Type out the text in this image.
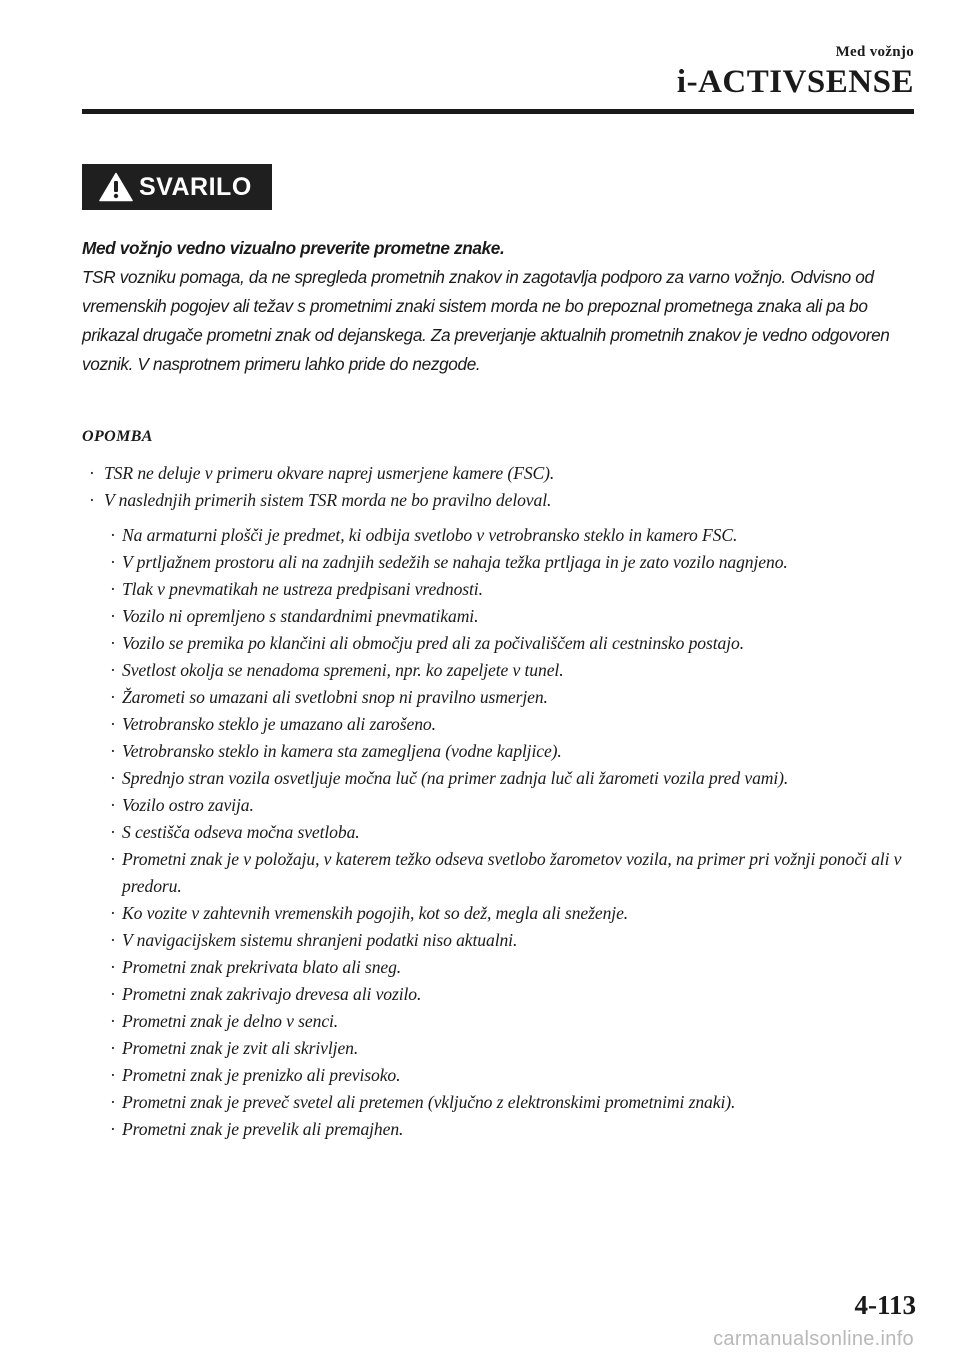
Med vožnjo
i-ACTIVSENSE
SVARILO
Med vožnjo vedno vizualno preverite prometne znake.
TSR vozniku pomaga, da ne spregleda prometnih znakov in zagotavlja podporo za varno vožnjo. Odvisno od vremenskih pogojev ali težav s prometnimi znaki sistem morda ne bo prepoznal prometnega znaka ali pa bo prikazal drugače prometni znak od dejanskega. Za preverjanje aktualnih prometnih znakov je vedno odgovoren voznik. V nasprotnem primeru lahko pride do nezgode.
OPOMBA
· TSR ne deluje v primeru okvare naprej usmerjene kamere (FSC).
· V naslednjih primerih sistem TSR morda ne bo pravilno deloval.
· Na armaturni plošči je predmet, ki odbija svetlobo v vetrobransko steklo in kamero FSC.
· V prtljažnem prostoru ali na zadnjih sedežih se nahaja težka prtljaga in je zato vozilo nagnjeno.
· Tlak v pnevmatikah ne ustreza predpisani vrednosti.
· Vozilo ni opremljeno s standardnimi pnevmatikami.
· Vozilo se premika po klančini ali območju pred ali za počivališčem ali cestninsko postajo.
· Svetlost okolja se nenadoma spremeni, npr. ko zapeljete v tunel.
· Žarometi so umazani ali svetlobni snop ni pravilno usmerjen.
· Vetrobransko steklo je umazano ali zarošeno.
· Vetrobransko steklo in kamera sta zamegljena (vodne kapljice).
· Sprednjo stran vozila osvetljuje močna luč (na primer zadnja luč ali žarometi vozila pred vami).
· Vozilo ostro zavija.
· S cestišča odseva močna svetloba.
· Prometni znak je v položaju, v katerem težko odseva svetlobo žarometov vozila, na primer pri vožnji ponoči ali v predoru.
· Ko vozite v zahtevnih vremenskih pogojih, kot so dež, megla ali sneženje.
· V navigacijskem sistemu shranjeni podatki niso aktualni.
· Prometni znak prekrivata blato ali sneg.
· Prometni znak zakrivajo drevesa ali vozilo.
· Prometni znak je delno v senci.
· Prometni znak je zvit ali skrivljen.
· Prometni znak je prenizko ali previsoko.
· Prometni znak je preveč svetel ali pretemen (vključno z elektronskimi prometnimi znaki).
· Prometni znak je prevelik ali premajhen.
4-113
carmanualsonline.info
